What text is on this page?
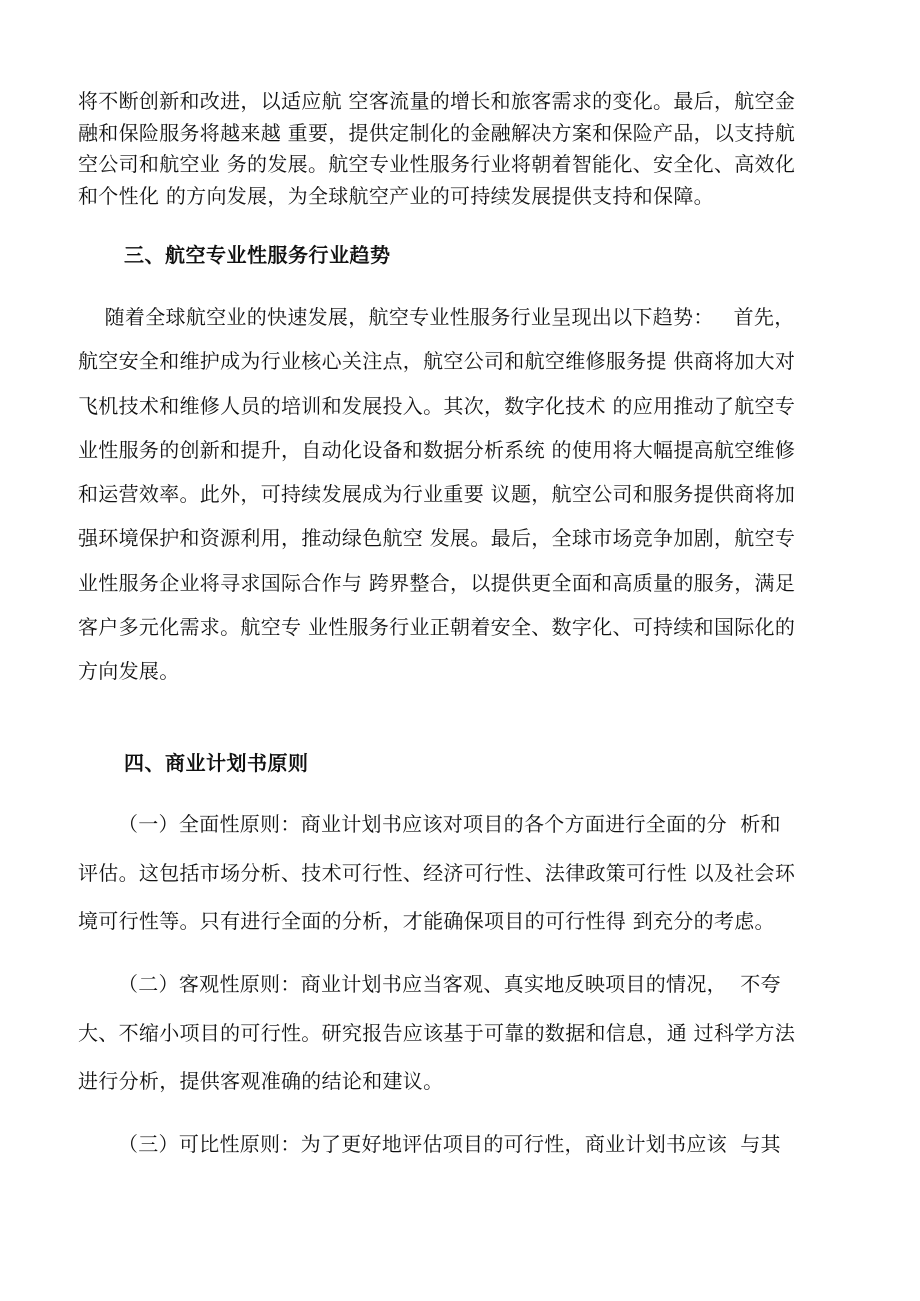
将不断创新和改进，以适应航 空客流量的增长和旅客需求的变化。最后，航空金
融和保险服务将越来越 重要，提供定制化的金融解决方案和保险产品，以支持航
空公司和航空业 务的发展。航空专业性服务行业将朝着智能化、安全化、高效化
和个性化 的方向发展，为全球航空产业的可持续发展提供支持和保障。
三、航空专业性服务行业趋势
随着全球航空业的快速发展，航空专业性服务行业呈现出以下趋势：   首先，
航空安全和维护成为行业核心关注点，航空公司和航空维修服务提 供商将加大对
飞机技术和维修人员的培训和发展投入。其次，数字化技术 的应用推动了航空专
业性服务的创新和提升，自动化设备和数据分析系统 的使用将大幅提高航空维修
和运营效率。此外，可持续发展成为行业重要 议题，航空公司和服务提供商将加
强环境保护和资源利用，推动绿色航空 发展。最后，全球市场竞争加剧，航空专
业性服务企业将寻求国际合作与 跨界整合，以提供更全面和高质量的服务，满足
客户多元化需求。航空专 业性服务行业正朝着安全、数字化、可持续和国际化的
方向发展。
四、商业计划书原则
（一）全面性原则：商业计划书应该对项目的各个方面进行全面的分  析和
评估。这包括市场分析、技术可行性、经济可行性、法律政策可行性 以及社会环
境可行性等。只有进行全面的分析，才能确保项目的可行性得 到充分的考虑。
（二）客观性原则：商业计划书应当客观、真实地反映项目的情况，  不夸
大、不缩小项目的可行性。研究报告应该基于可靠的数据和信息，通 过科学方法
进行分析，提供客观准确的结论和建议。
（三）可比性原则：为了更好地评估项目的可行性，商业计划书应该  与其
